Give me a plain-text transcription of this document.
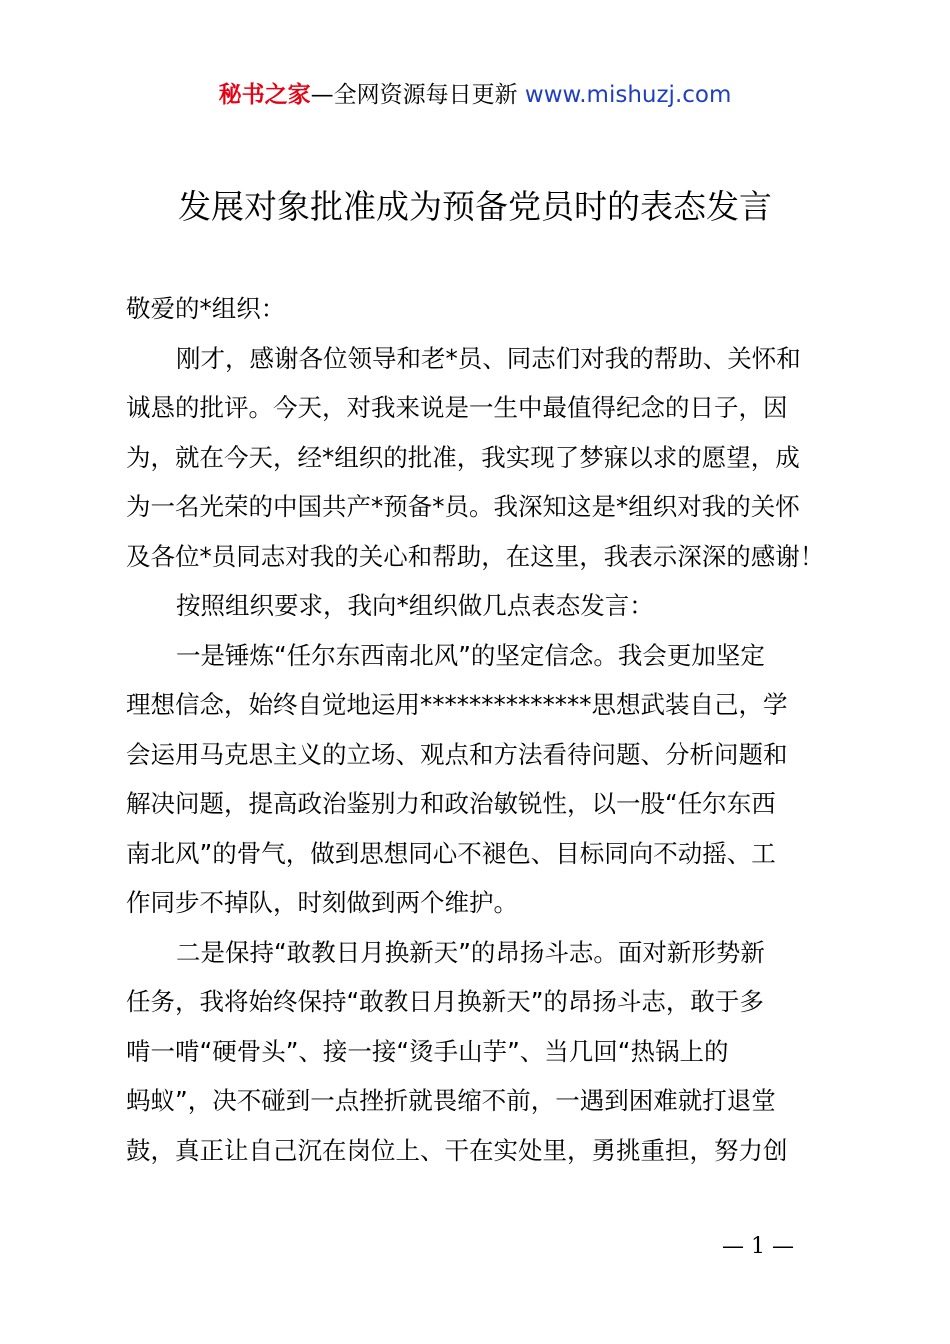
秘书之家—全网资源每日更新 www.mishuzj.com
发展对象批准成为预备党员时的表态发言
敬爱的*组织：
刚才，感谢各位领导和老*员、同志们对我的帮助、关怀和
诚恳的批评。今天，对我来说是一生中最值得纪念的日子，因
为，就在今天，经*组织的批准，我实现了梦寐以求的愿望，成
为一名光荣的中国共产*预备*员。我深知这是*组织对我的关怀
及各位*员同志对我的关心和帮助，在这里，我表示深深的感谢！
按照组织要求，我向*组织做几点表态发言：
一是锤炼“任尔东西南北风”的坚定信念。我会更加坚定
理想信念，始终自觉地运用**************思想武装自己，学
会运用马克思主义的立场、观点和方法看待问题、分析问题和
解决问题，提高政治鉴别力和政治敏锐性，以一股“任尔东西
南北风”的骨气，做到思想同心不褪色、目标同向不动摇、工
作同步不掉队，时刻做到两个维护。
二是保持“敢教日月换新天”的昂扬斗志。面对新形势新
任务，我将始终保持“敢教日月换新天”的昂扬斗志，敢于多
啃一啃“硬骨头”、接一接“烫手山芋”、当几回“热锅上的
蚂蚁”，决不碰到一点挫折就畏缩不前，一遇到困难就打退堂
鼓，真正让自己沉在岗位上、干在实处里，勇挑重担，努力创
— 1 —
